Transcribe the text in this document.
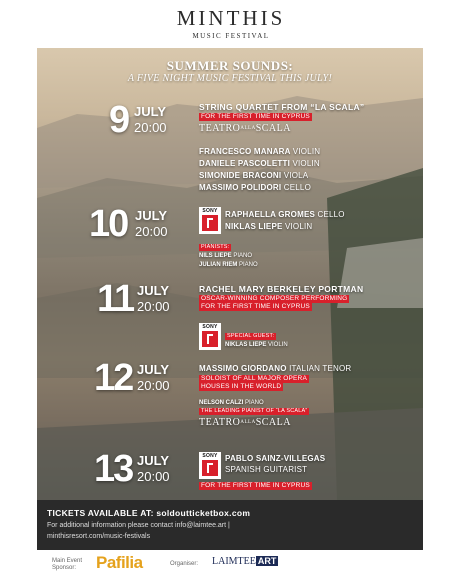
MINTHIS
MUSIC FESTIVAL
SUMMER SOUNDS:
A FIVE NIGHT MUSIC FESTIVAL THIS JULY!
9 JULY
20:00
STRING QUARTET FROM “LA SCALA”
FOR THE FIRST TIME IN CYPRUS
TEATROALLASCALA
FRANCESCO MANARA VIOLIN
DANIELE PASCOLETTI VIOLIN
SIMONIDE BRACONI VIOLA
MASSIMO POLIDORI CELLO
10 JULY
20:00
SONY RAPHAELLA GROMES CELLO
NIKLAS LIEPE VIOLIN
PIANISTS:
NILS LIEPE PIANO
JULIAN RIEM PIANO
11 JULY
20:00
RACHEL MARY BERKELEY PORTMAN
OSCAR-WINNING COMPOSER PERFORMING
FOR THE FIRST TIME IN CYPRUS
SONY
SPECIAL GUEST:
NIKLAS LIEPE VIOLIN
12 JULY
20:00
MASSIMO GIORDANO ITALIAN TENOR
SOLOIST OF ALL MAJOR OPERA
HOUSES IN THE WORLD
NELSON CALZI PIANO
THE LEADING PIANIST OF “LA SCALA”
TEATROALLASCALA
13 JULY
20:00
SONY PABLO SAINZ-VILLEGAS
SPANISH GUITARIST
FOR THE FIRST TIME IN CYPRUS
TICKETS AVAILABLE AT: soldoutticketbox.com
For additional information please contact info@laimtee.art |
minthisresort.com/music-festivals
Main Event
Sponsor:	Pafilia	Organiser: LAIMTEE ART
